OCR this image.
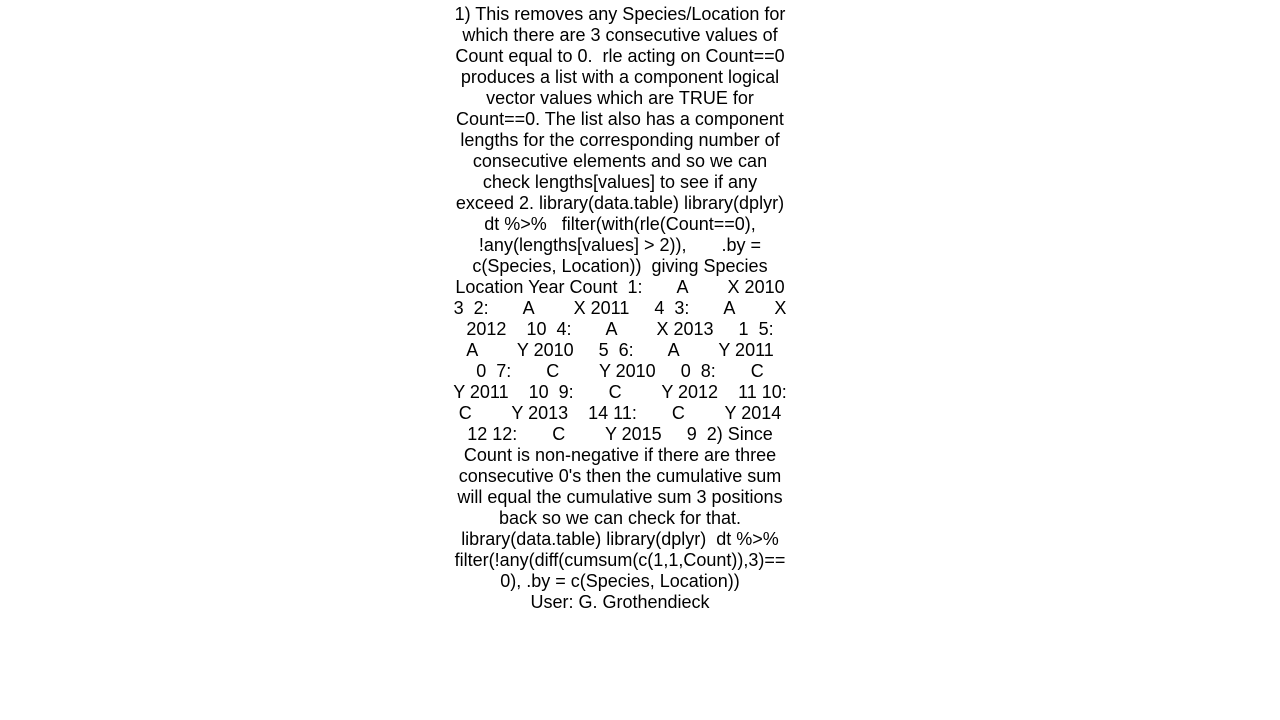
1) This removes any Species/Location for which there are 3 consecutive values of Count equal to 0.  rle acting on Count==0 produces a list with a component logical vector values which are TRUE for Count==0. The list also has a component lengths for the corresponding number of consecutive elements and so we can check lengths[values] to see if any exceed 2. library(data.table) library(dplyr)  dt %>%   filter(with(rle(Count==0),       !any(lengths[values] > 2)),       .by = c(Species, Location))  giving Species Location Year Count  1:       A        X 2010     3  2:       A        X 2011     4  3:       A        X 2012    10  4:       A        X 2013     1  5:       A        Y 2010     5  6:       A        Y 2011     0  7:       C        Y 2010     0  8:       C        Y 2011    10  9:       C        Y 2012    11 10:       C        Y 2013    14 11:       C        Y 2014    12 12:       C        Y 2015     9  2) Since Count is non-negative if there are three consecutive 0's then the cumulative sum will equal the cumulative sum 3 positions back so we can check for that. library(data.table) library(dplyr)  dt %>%   filter(!any(diff(cumsum(c(1,1,Count)),3)==0), .by = c(Species, Location))
User: G. Grothendieck
